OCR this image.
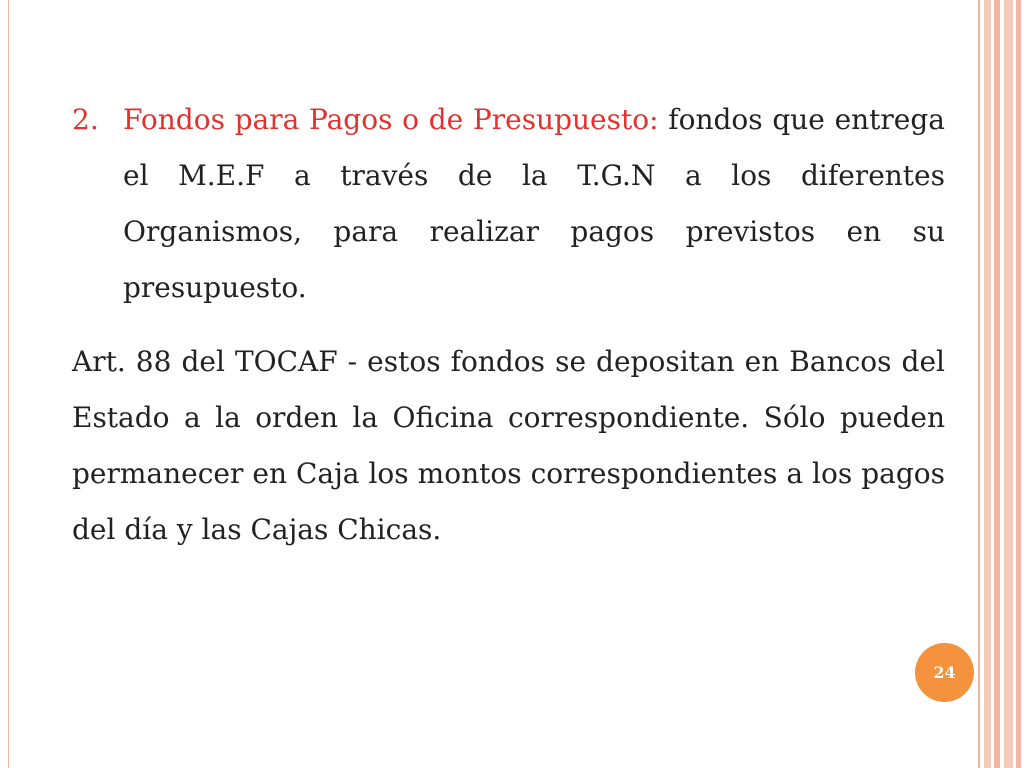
2. Fondos para Pagos o de Presupuesto: fondos que entrega el M.E.F a través de la T.G.N a los diferentes Organismos, para realizar pagos previstos en su presupuesto.

Art. 88 del TOCAF - estos fondos se depositan en Bancos del Estado a la orden la Oficina correspondiente. Sólo pueden permanecer en Caja los montos correspondientes a los pagos del día y las Cajas Chicas.

24
